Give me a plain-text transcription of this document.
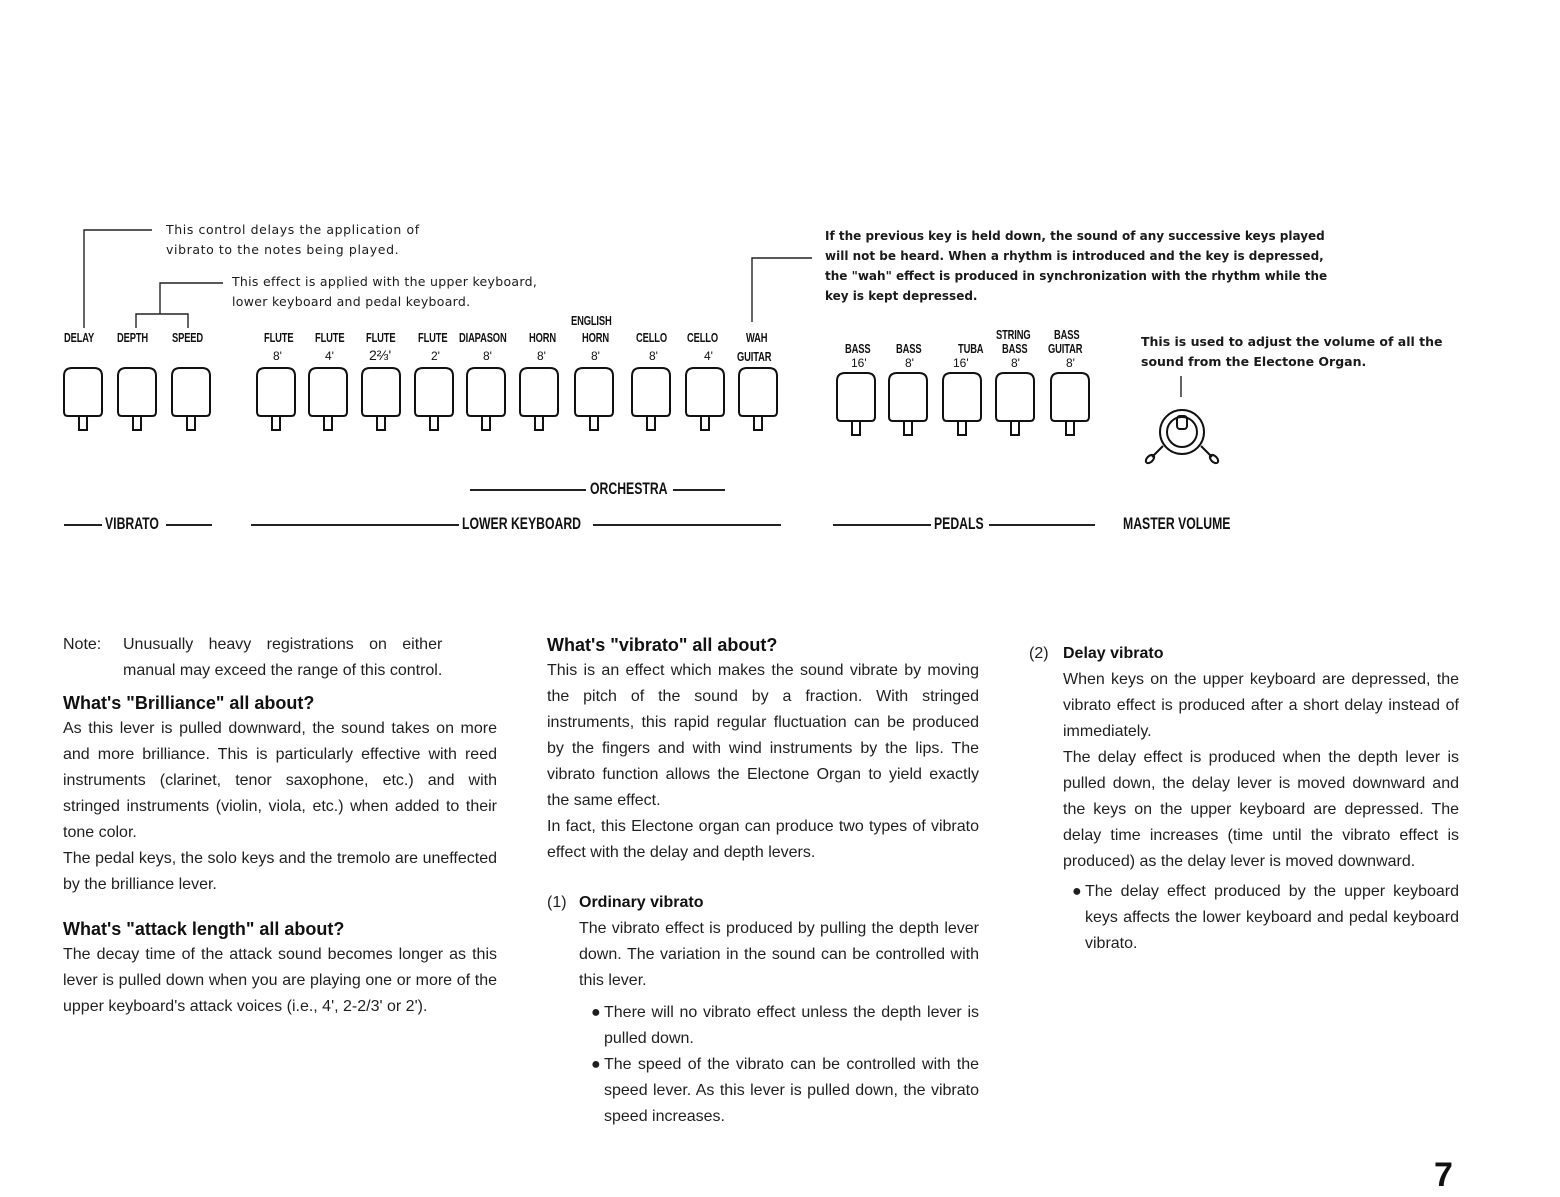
This control delays the application of
vibrato to the notes being played.
This effect is applied with the upper keyboard,
lower keyboard and pedal keyboard.
If the previous key is held down, the sound of any successive keys played
will not be heard. When a rhythm is introduced and the key is depressed,
the "wah" effect is produced in synchronization with the rhythm while the
key is kept depressed.
This is used to adjust the volume of all the
sound from the Electone Organ.
DELAY DEPTH SPEED	FLUTE
8'
FLUTE
4'
FLUTE
2⅔'
FLUTE
2'
DIAPASON
8'
HORN
8'
ENGLISH
HORN
8'
CELLO
8'
CELLO
4'
WAH
GUITAR
BASS
16'
BASS
8'
TUBA
16'
STRING
BASS
8'
BASS
GUITAR
8'
ORCHESTRA
VIBRATO	LOWER KEYBOARD	PEDALS	MASTER VOLUME
Note:	Unusually heavy registrations on either
manual may exceed the range of this control.

What's "Brilliance" all about?

As this lever is pulled downward, the sound takes on more and more brilliance. This is particularly effective with reed instruments (clarinet, tenor saxophone, etc.) and with stringed instruments (violin, viola, etc.) when added to their tone color.

The pedal keys, the solo keys and the tremolo are uneffected by the brilliance lever.

What's "attack length" all about?

The decay time of the attack sound becomes longer as this lever is pulled down when you are playing one or more of the upper keyboard's attack voices (i.e., 4', 2-2/3' or 2').

What's "vibrato" all about?

This is an effect which makes the sound vibrate by moving the pitch of the sound by a fraction. With stringed instruments, this rapid regular fluctuation can be produced by the fingers and with wind instruments by the lips. The vibrato function allows the Electone Organ to yield exactly the same effect.

In fact, this Electone organ can produce two types of vibrato effect with the delay and depth levers.

(1) Ordinary vibrato

The vibrato effect is produced by pulling the depth lever down. The variation in the sound can be controlled with this lever.

● There will no vibrato effect unless the depth lever is pulled down.
● The speed of the vibrato can be controlled with the speed lever. As this lever is pulled down, the vibrato speed increases.
(2) Delay vibrato

When keys on the upper keyboard are depressed, the vibrato effect is produced after a short delay instead of immediately.

The delay effect is produced when the depth lever is pulled down, the delay lever is moved downward and the keys on the upper keyboard are depressed. The delay time increases (time until the vibrato effect is produced) as the delay lever is moved downward.

● The delay effect produced by the upper keyboard keys affects the lower keyboard and pedal keyboard vibrato.
7
